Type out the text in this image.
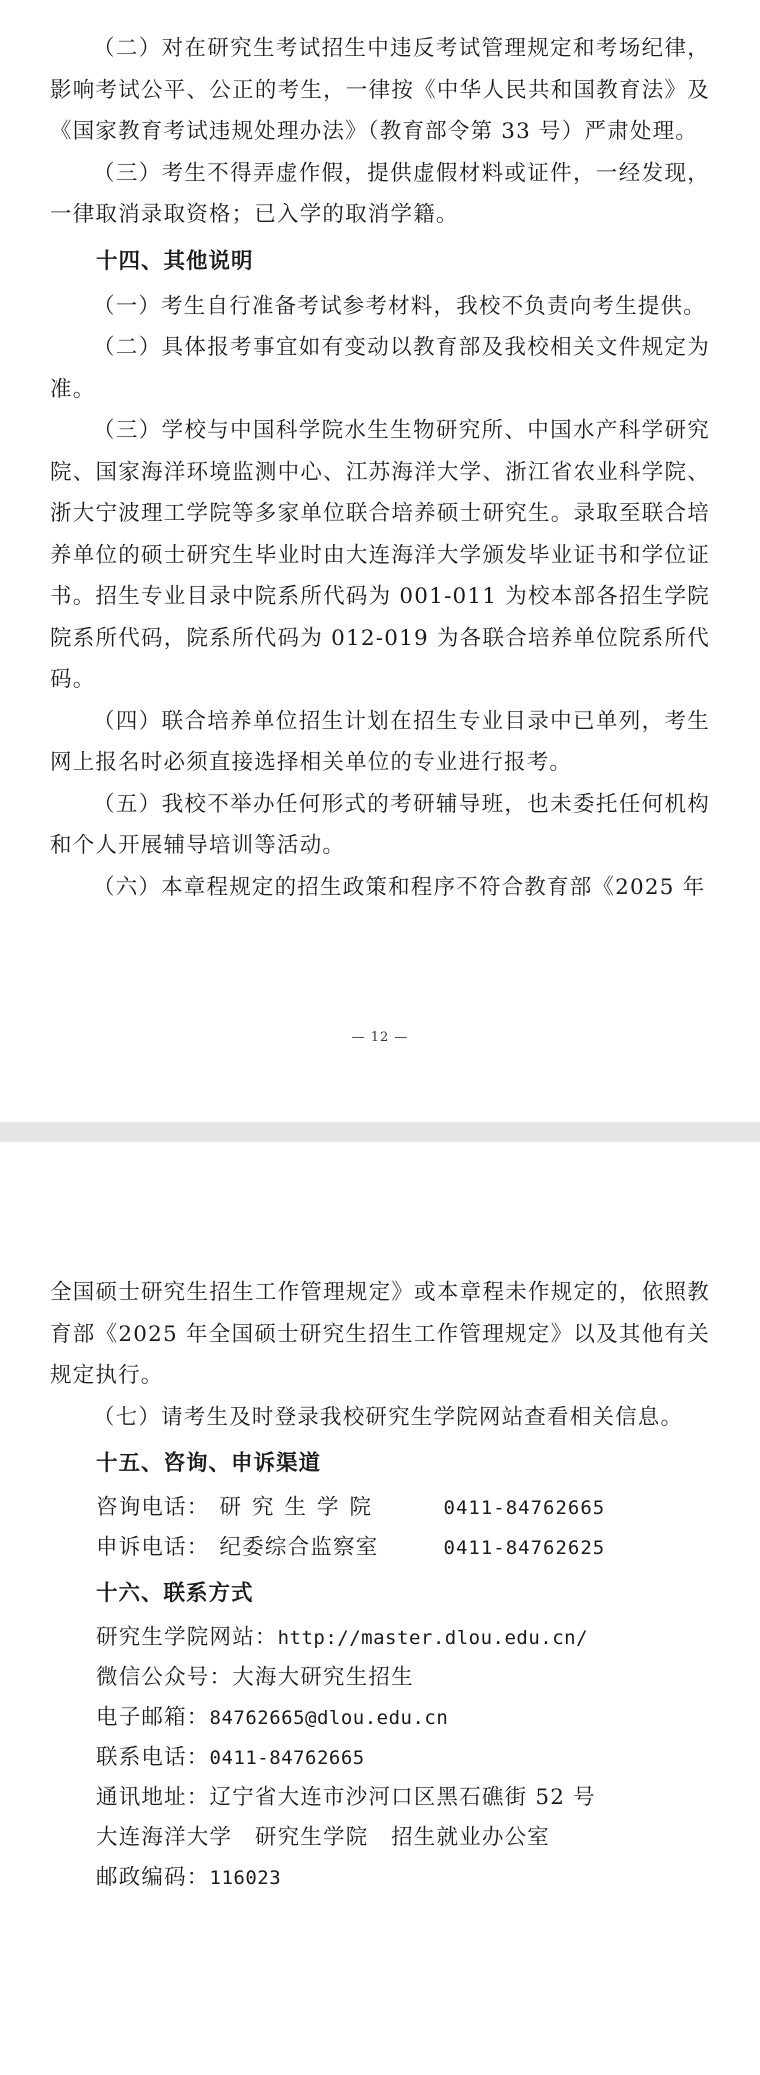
（二）对在研究生考试招生中违反考试管理规定和考场纪律，影响考试公平、公正的考生，一律按《中华人民共和国教育法》及《国家教育考试违规处理办法》（教育部令第 33 号）严肃处理。

（三）考生不得弄虚作假，提供虚假材料或证件，一经发现，一律取消录取资格；已入学的取消学籍。

十四、其他说明

（一）考生自行准备考试参考材料，我校不负责向考生提供。

（二）具体报考事宜如有变动以教育部及我校相关文件规定为准。

（三）学校与中国科学院水生生物研究所、中国水产科学研究院、国家海洋环境监测中心、江苏海洋大学、浙江省农业科学院、浙大宁波理工学院等多家单位联合培养硕士研究生。录取至联合培养单位的硕士研究生毕业时由大连海洋大学颁发毕业证书和学位证书。招生专业目录中院系所代码为 001-011 为校本部各招生学院院系所代码，院系所代码为 012-019 为各联合培养单位院系所代码。

（四）联合培养单位招生计划在招生专业目录中已单列，考生网上报名时必须直接选择相关单位的专业进行报考。

（五）我校不举办任何形式的考研辅导班，也未委托任何机构和个人开展辅导培训等活动。

（六）本章程规定的招生政策和程序不符合教育部《2025 年

— 12 —

全国硕士研究生招生工作管理规定》或本章程未作规定的，依照教育部《2025 年全国硕士研究生招生工作管理规定》以及其他有关规定执行。

（七）请考生及时登录我校研究生学院网站查看相关信息。

十五、咨询、申诉渠道
咨询电话： 研究生学院	0411-84762665
申诉电话： 纪委综合监察室	0411-84762625
十六、联系方式
研究生学院网站：http://master.dlou.edu.cn/
微信公众号：大海大研究生招生
电子邮箱：84762665@dlou.edu.cn
联系电话：0411-84762665
通讯地址：辽宁省大连市沙河口区黑石礁街 52 号
大连海洋大学　研究生学院　招生就业办公室
邮政编码：116023
